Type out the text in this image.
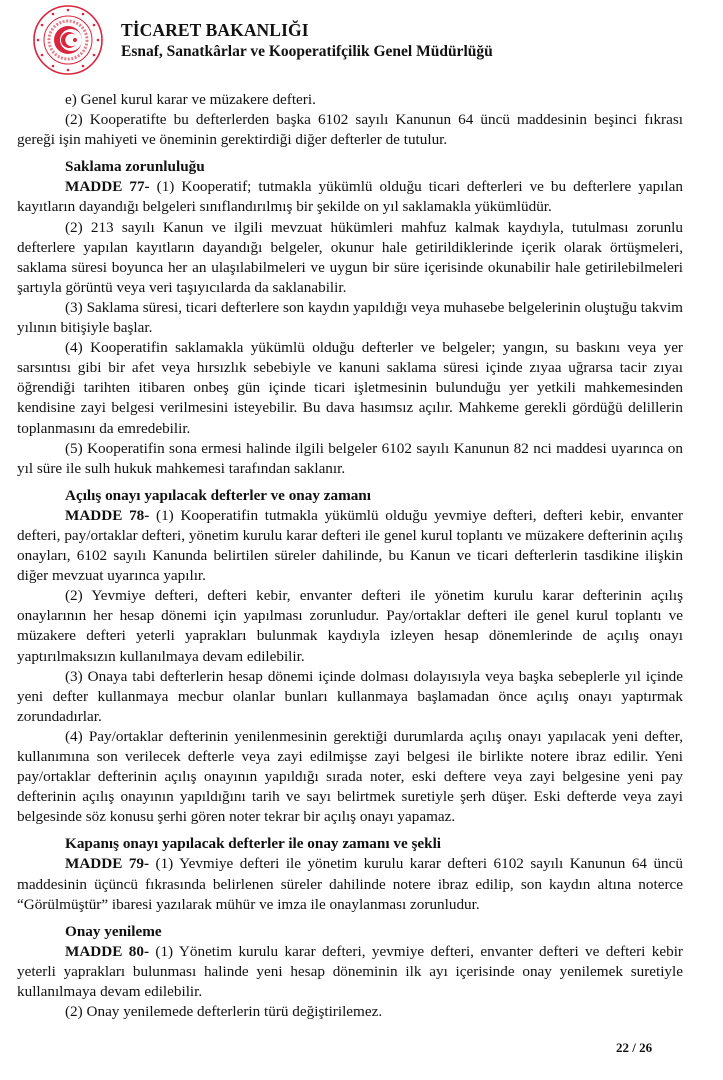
TİCARET BAKANLIĞI
Esnaf, Sanatkârlar ve Kooperatifçilik Genel Müdürlüğü

e) Genel kurul karar ve müzakere defteri.

(2) Kooperatifte bu defterlerden başka 6102 sayılı Kanunun 64 üncü maddesinin beşinci fıkrası gereği işin mahiyeti ve öneminin gerektirdiği diğer defterler de tutulur.

Saklama zorunluluğu

MADDE 77- (1) Kooperatif; tutmakla yükümlü olduğu ticari defterleri ve bu defterlere yapılan kayıtların dayandığı belgeleri sınıflandırılmış bir şekilde on yıl saklamakla yükümlüdür.

(2) 213 sayılı Kanun ve ilgili mevzuat hükümleri mahfuz kalmak kaydıyla, tutulması zorunlu defterlere yapılan kayıtların dayandığı belgeler, okunur hale getirildiklerinde içerik olarak örtüşmeleri, saklama süresi boyunca her an ulaşılabilmeleri ve uygun bir süre içerisinde okunabilir hale getirilebilmeleri şartıyla görüntü veya veri taşıyıcılarda da saklanabilir.

(3) Saklama süresi, ticari defterlere son kaydın yapıldığı veya muhasebe belgelerinin oluştuğu takvim yılının bitişiyle başlar.

(4) Kooperatifin saklamakla yükümlü olduğu defterler ve belgeler; yangın, su baskını veya yer sarsıntısı gibi bir afet veya hırsızlık sebebiyle ve kanuni saklama süresi içinde zıyaa uğrarsa tacir zıyaı öğrendiği tarihten itibaren onbeş gün içinde ticari işletmesinin bulunduğu yer yetkili mahkemesinden kendisine zayi belgesi verilmesini isteyebilir. Bu dava hasımsız açılır. Mahkeme gerekli gördüğü delillerin toplanmasını da emredebilir.

(5) Kooperatifin sona ermesi halinde ilgili belgeler 6102 sayılı Kanunun 82 nci maddesi uyarınca on yıl süre ile sulh hukuk mahkemesi tarafından saklanır.

Açılış onayı yapılacak defterler ve onay zamanı

MADDE 78- (1) Kooperatifin tutmakla yükümlü olduğu yevmiye defteri, defteri kebir, envanter defteri, pay/ortaklar defteri, yönetim kurulu karar defteri ile genel kurul toplantı ve müzakere defterinin açılış onayları, 6102 sayılı Kanunda belirtilen süreler dahilinde, bu Kanun ve ticari defterlerin tasdikine ilişkin diğer mevzuat uyarınca yapılır.

(2) Yevmiye defteri, defteri kebir, envanter defteri ile yönetim kurulu karar defterinin açılış onaylarının her hesap dönemi için yapılması zorunludur. Pay/ortaklar defteri ile genel kurul toplantı ve müzakere defteri yeterli yaprakları bulunmak kaydıyla izleyen hesap dönemlerinde de açılış onayı yaptırılmaksızın kullanılmaya devam edilebilir.

(3) Onaya tabi defterlerin hesap dönemi içinde dolması dolayısıyla veya başka sebeplerle yıl içinde yeni defter kullanmaya mecbur olanlar bunları kullanmaya başlamadan önce açılış onayı yaptırmak zorundadırlar.

(4) Pay/ortaklar defterinin yenilenmesinin gerektiği durumlarda açılış onayı yapılacak yeni defter, kullanımına son verilecek defterle veya zayi edilmişse zayi belgesi ile birlikte notere ibraz edilir. Yeni pay/ortaklar defterinin açılış onayının yapıldığı sırada noter, eski deftere veya zayi belgesine yeni pay defterinin açılış onayının yapıldığını tarih ve sayı belirtmek suretiyle şerh düşer. Eski defterde veya zayi belgesinde söz konusu şerhi gören noter tekrar bir açılış onayı yapamaz.

Kapanış onayı yapılacak defterler ile onay zamanı ve şekli

MADDE 79- (1) Yevmiye defteri ile yönetim kurulu karar defteri 6102 sayılı Kanunun 64 üncü maddesinin üçüncü fıkrasında belirlenen süreler dahilinde notere ibraz edilip, son kaydın altına noterce “Görülmüştür” ibaresi yazılarak mühür ve imza ile onaylanması zorunludur.

Onay yenileme

MADDE 80- (1) Yönetim kurulu karar defteri, yevmiye defteri, envanter defteri ve defteri kebir yeterli yaprakları bulunması halinde yeni hesap döneminin ilk ayı içerisinde onay yenilemek suretiyle kullanılmaya devam edilebilir.

(2) Onay yenilemede defterlerin türü değiştirilemez.

22 / 26
